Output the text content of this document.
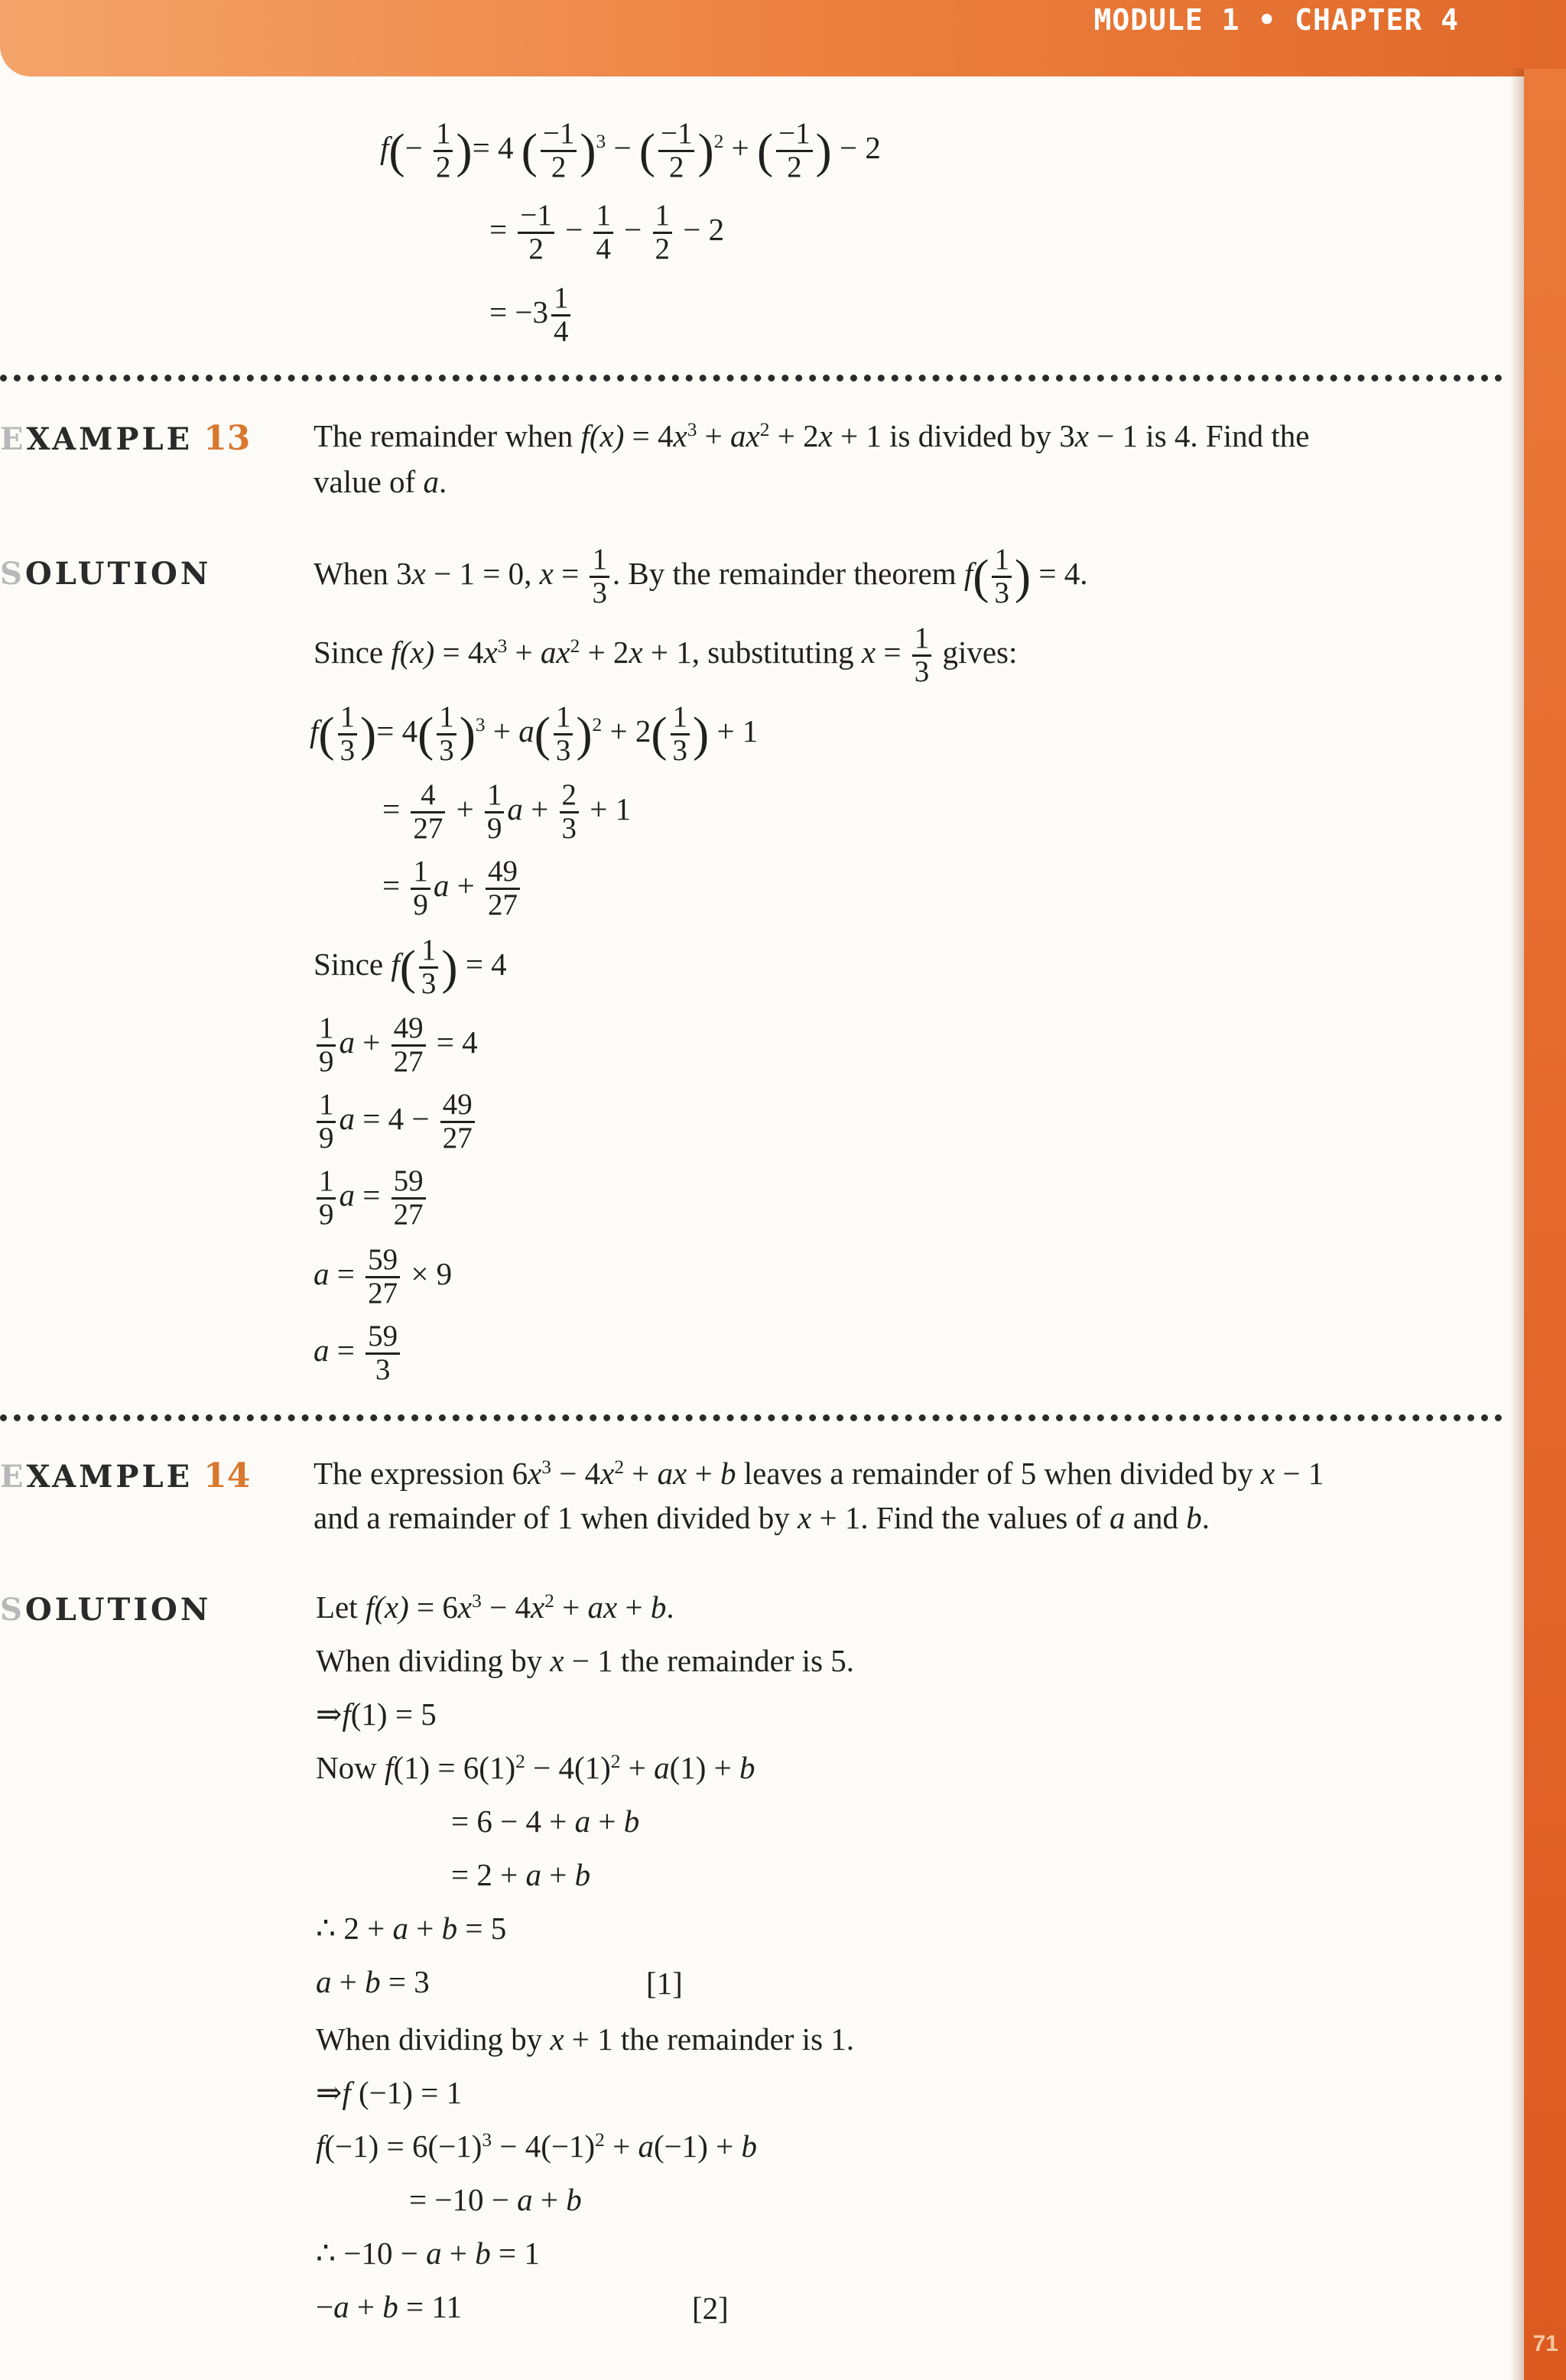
MODULE 1 • CHAPTER 4
71
$f(- \frac{1}{2}$ )= 4 ( $\frac{-1}{2} )^3$ − ( $\frac{-1}{2} )^2$ + ( $\frac{-1}{2}$ ) − 2
= $\frac{-1}{2} - \frac{1}{4} - \frac{1}{2} - 2$
= $-3 \frac{1}{4}$
EXAMPLE 13 The remainder when $f(x) = 4x^3 + ax^2 + 2x + 1$ is divided by 3x − 1 is 4. Find the
value of a.
SOLUTION	When 3x − 1 = 0, $x = \frac{1}{3}$ . By the remainder theorem $f( \frac{1}{3}$ ) = 4.
Since $f(x) = 4x^3 + ax^2 + 2x + 1$, substituting $x = \frac{1}{3}$ gives:
$f( \frac{1}{3}$ )= $4( \frac{1}{3} )^3 + a( \frac{1}{3} )^2 + 2( \frac{1}{3}$ ) + 1
= $\frac{4}{27} + \frac{1}{9}$ $a + \frac{2}{3} + 1$
= $\frac{1}{9}$ $a + \frac{49}{27}$
Since $f( \frac{1}{3}$ ) = 4
$\frac{1}{9}$ $a + \frac{49}{27} = 4$
$\frac{1}{9}$ $a = 4 - \frac{49}{27}$
$\frac{1}{9}$ $a = \frac{59}{27}$
$a = \frac{59}{27} \times 9$
$a = \frac{59}{3}$
EXAMPLE 14 The expression $6x^3 - 4x^2$ + ax + b leaves a remainder of 5 when divided by x − 1
and a remainder of 1 when divided by x + 1. Find the values of a and b.
SOLUTION	Let $f(x) = 6x^3 - 4x^2$ + ax + b.
When dividing by x − 1 the remainder is 5.
⇒f(1) = 5
Now $f(1) = 6(1)^2 - 4(1)^2 + a(1) + b$
= 6 − 4 + a + b
= 2 + a + b
∴ 2 + a + b = 5
a + b = 3	[1]
When dividing by x + 1 the remainder is 1.
⇒f (−1) = 1
$f(-1) = 6(-1)^3 - 4(-1)^2 + a(-1) + b$
= −10 − a + b
∴ −10 − a + b = 1
−a + b = 11	[2]
